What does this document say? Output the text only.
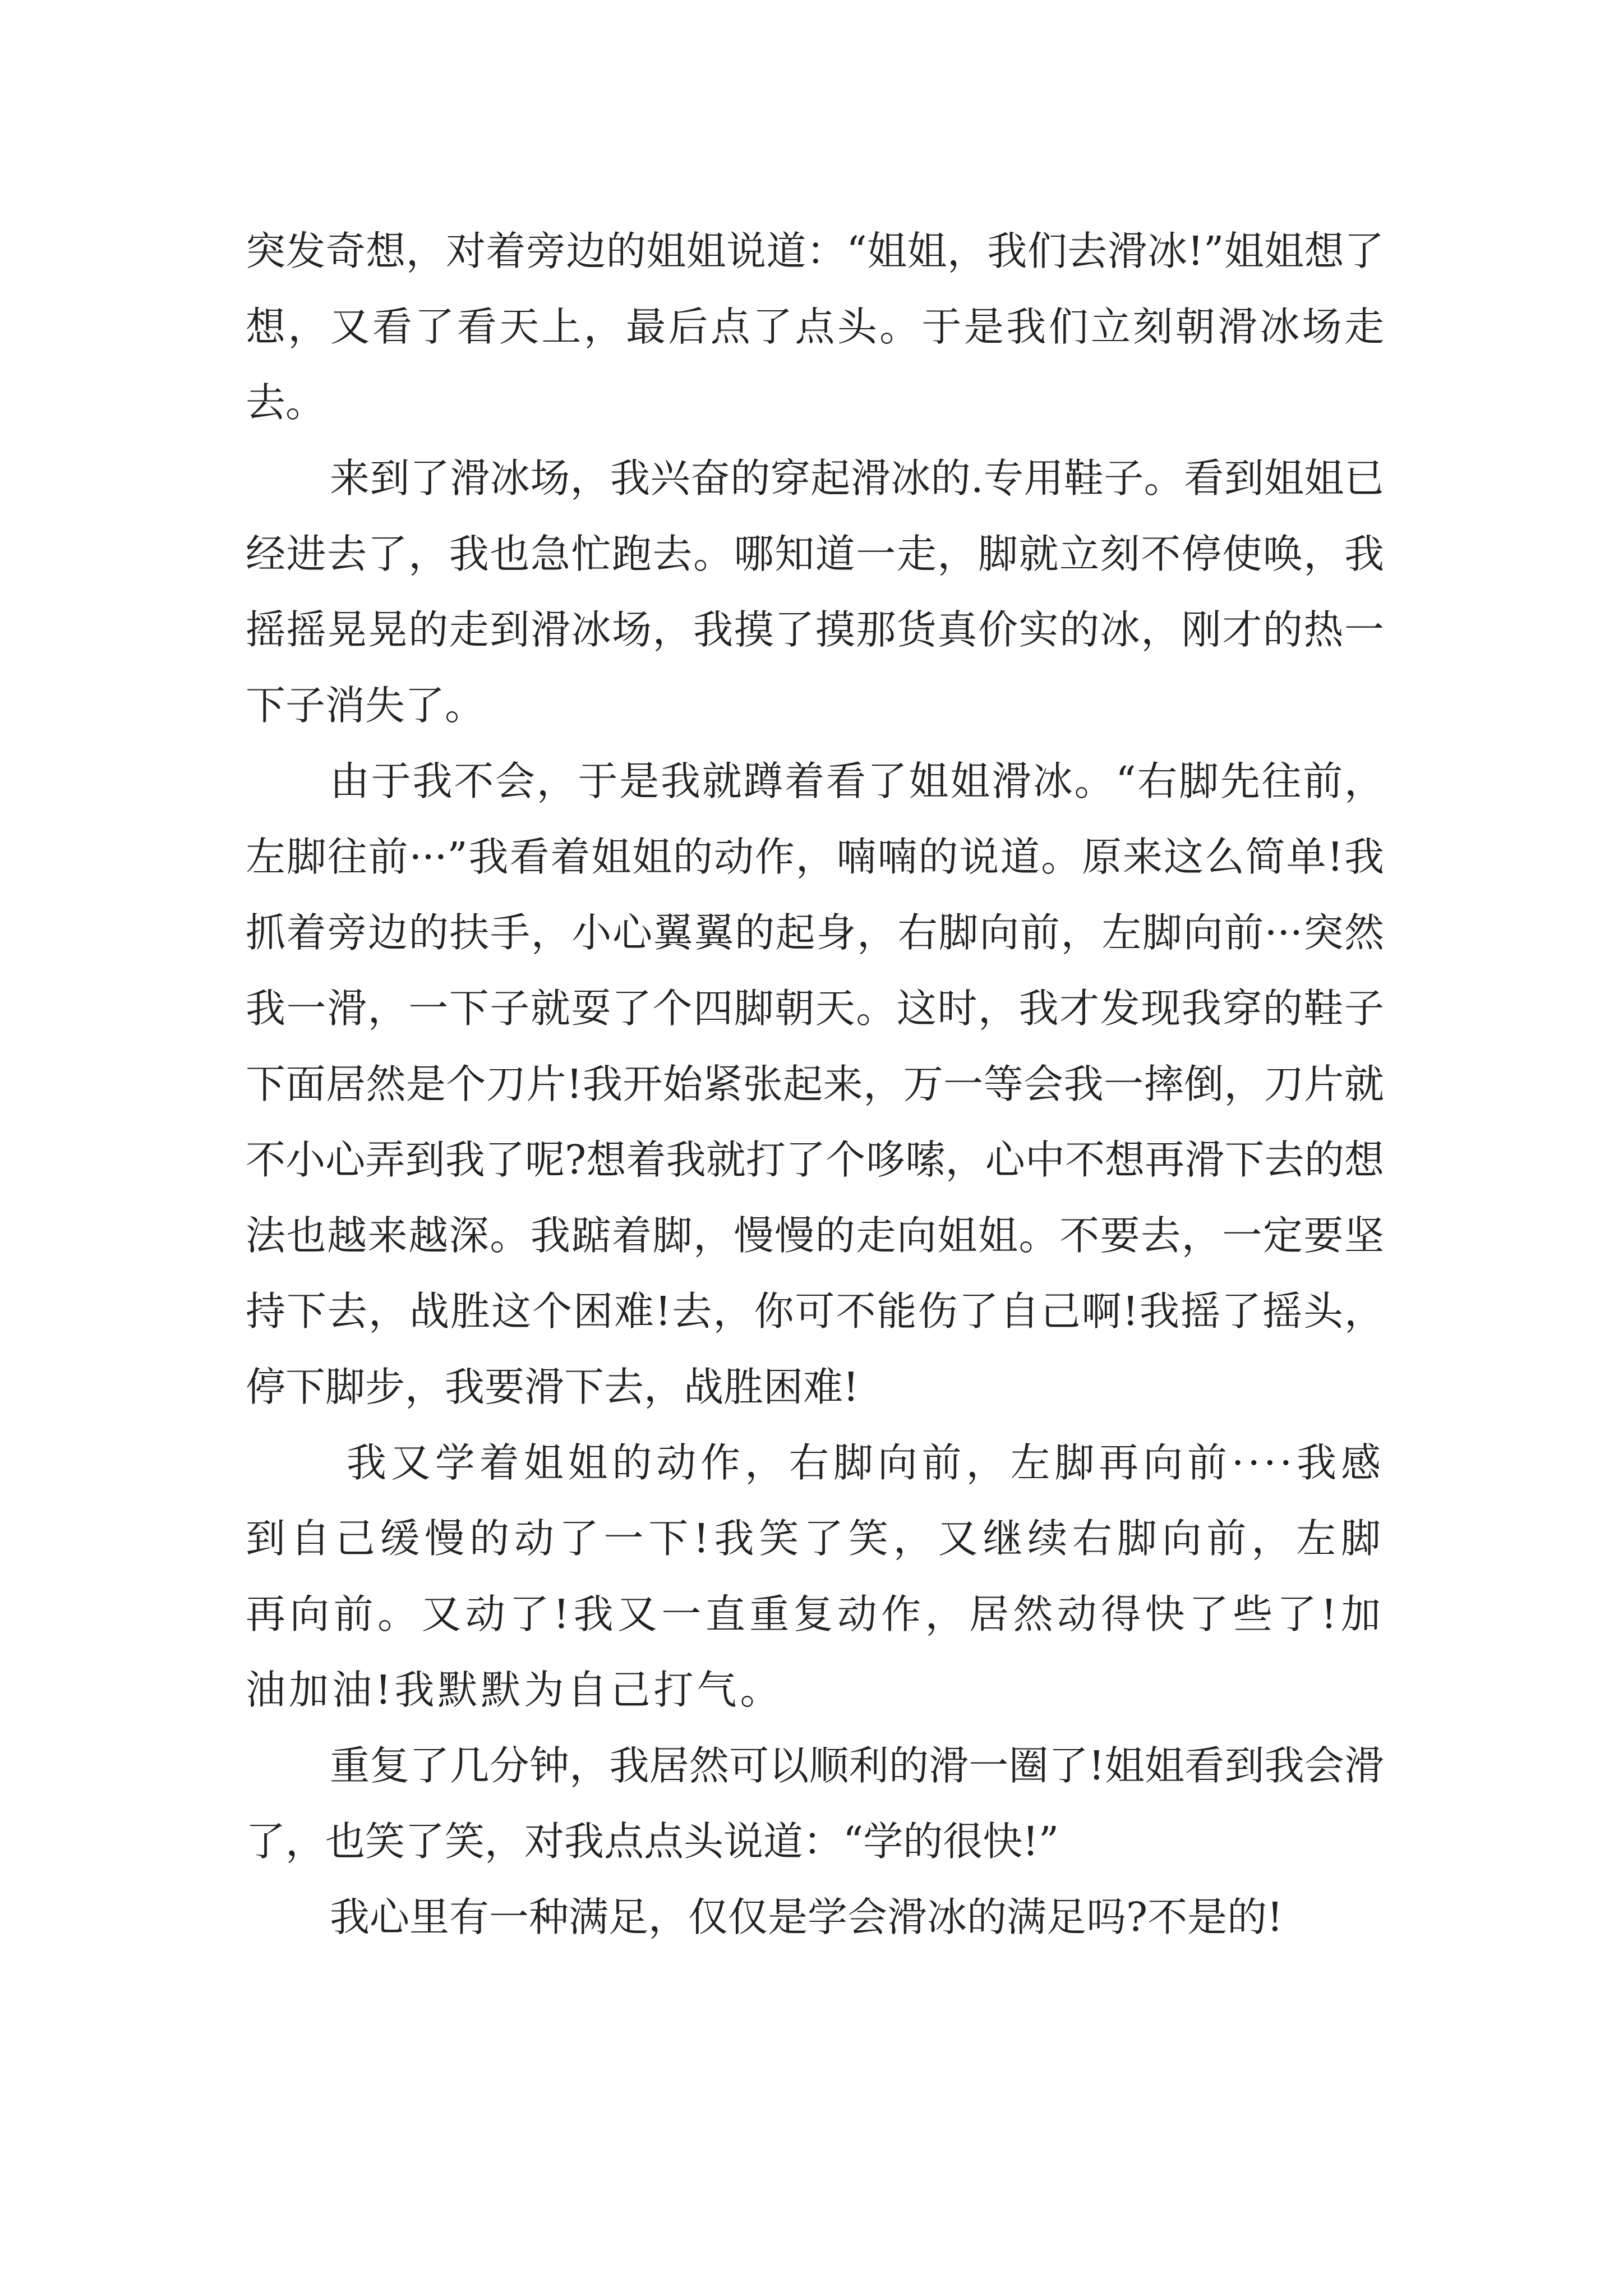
突发奇想，对着旁边的姐姐说道：“姐姐，我们去滑冰!”姐姐想了想，又看了看天上，最后点了点头。于是我们立刻朝滑冰场走去。

来到了滑冰场，我兴奋的穿起滑冰的.专用鞋子。看到姐姐已经进去了，我也急忙跑去。哪知道一走，脚就立刻不停使唤，我摇摇晃晃的走到滑冰场，我摸了摸那货真价实的冰，刚才的热一下子消失了。

由于我不会，于是我就蹲着看了姐姐滑冰。“右脚先往前，左脚往前···”我看着姐姐的动作，喃喃的说道。原来这么简单!我抓着旁边的扶手，小心翼翼的起身，右脚向前，左脚向前···突然我一滑，一下子就耍了个四脚朝天。这时，我才发现我穿的鞋子下面居然是个刀片!我开始紧张起来，万一等会我一摔倒，刀片就不小心弄到我了呢?想着我就打了个哆嗦，心中不想再滑下去的想法也越来越深。我踮着脚，慢慢的走向姐姐。不要去，一定要坚持下去，战胜这个困难!去，你可不能伤了自己啊!我摇了摇头，停下脚步，我要滑下去，战胜困难!

我又学着姐姐的动作，右脚向前，左脚再向前····我感到自己缓慢的动了一下!我笑了笑，又继续右脚向前，左脚再向前。又动了!我又一直重复动作，居然动得快了些了!加油加油!我默默为自己打气。

重复了几分钟，我居然可以顺利的滑一圈了!姐姐看到我会滑了，也笑了笑，对我点点头说道：“学的很快!”

我心里有一种满足，仅仅是学会滑冰的满足吗?不是的!
